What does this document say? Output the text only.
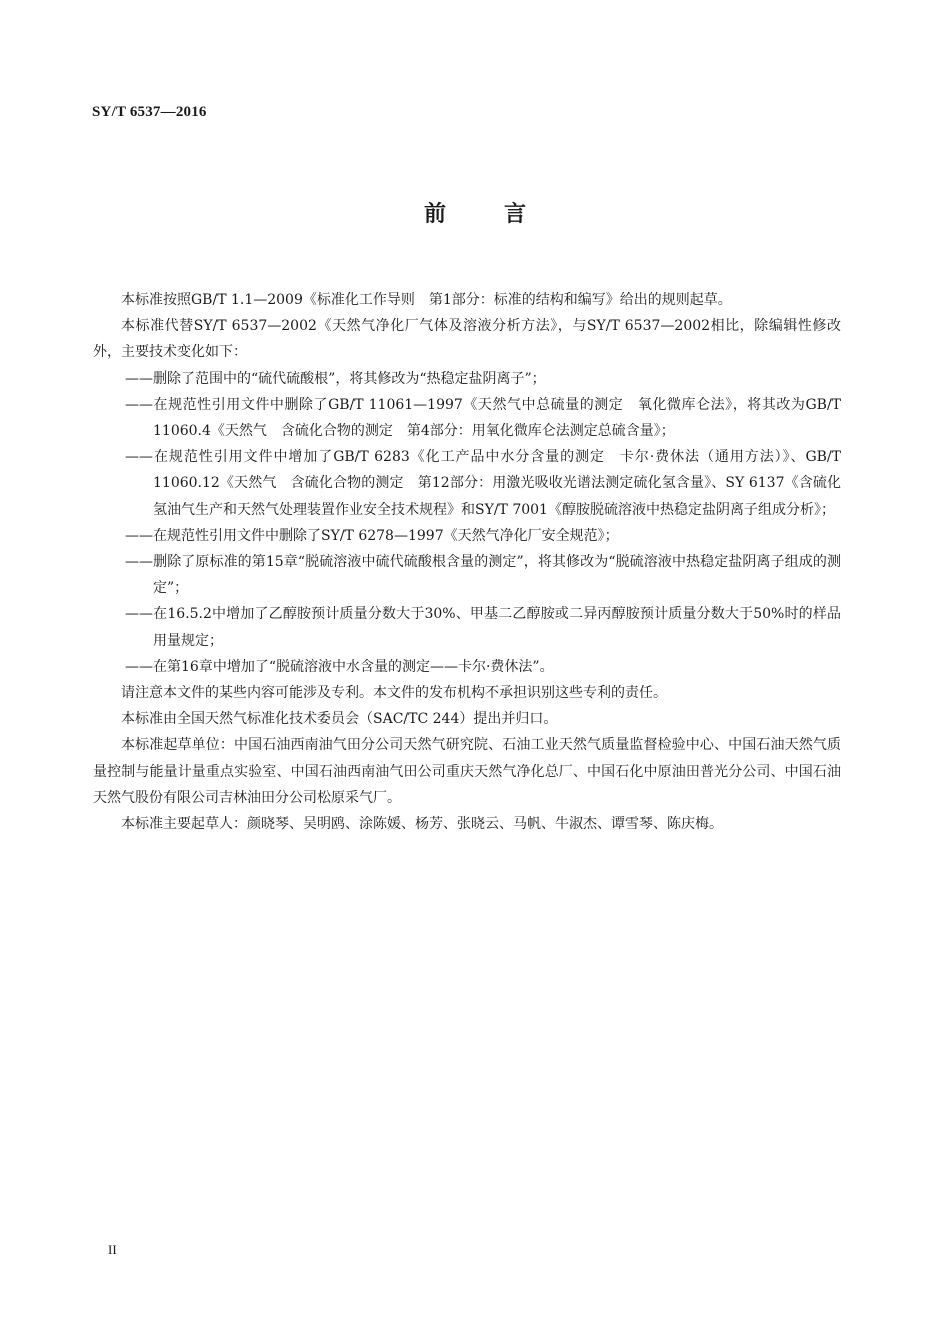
SY/T 6537—2016
前言

本标准按照GB/T 1.1—2009《标准化工作导则　第1部分：标准的结构和编写》给出的规则起草。

本标准代替SY/T 6537—2002《天然气净化厂气体及溶液分析方法》，与SY/T 6537—2002相比，除编辑性修改外，主要技术变化如下：

——删除了范围中的“硫代硫酸根”，将其修改为“热稳定盐阴离子”；

——在规范性引用文件中删除了GB/T 11061—1997《天然气中总硫量的测定　氧化微库仑法》，将其改为GB/T 11060.4《天然气　含硫化合物的测定　第4部分：用氧化微库仑法测定总硫含量》；

——在规范性引用文件中增加了GB/T 6283《化工产品中水分含量的测定　卡尔·费休法（通用方法）》、GB/T 11060.12《天然气　含硫化合物的测定　第12部分：用激光吸收光谱法测定硫化氢含量》、SY 6137《含硫化氢油气生产和天然气处理装置作业安全技术规程》和SY/T 7001《醇胺脱硫溶液中热稳定盐阴离子组成分析》；

——在规范性引用文件中删除了SY/T 6278—1997《天然气净化厂安全规范》；

——删除了原标准的第15章“脱硫溶液中硫代硫酸根含量的测定”，将其修改为“脱硫溶液中热稳定盐阴离子组成的测定”；

——在16.5.2中增加了乙醇胺预计质量分数大于30%、甲基二乙醇胺或二异丙醇胺预计质量分数大于50%时的样品用量规定；

——在第16章中增加了“脱硫溶液中水含量的测定——卡尔·费休法”。

请注意本文件的某些内容可能涉及专利。本文件的发布机构不承担识别这些专利的责任。

本标准由全国天然气标准化技术委员会（SAC/TC 244）提出并归口。

本标准起草单位：中国石油西南油气田分公司天然气研究院、石油工业天然气质量监督检验中心、中国石油天然气质量控制与能量计量重点实验室、中国石油西南油气田公司重庆天然气净化总厂、中国石化中原油田普光分公司、中国石油天然气股份有限公司吉林油田分公司松原采气厂。

本标准主要起草人：颜晓琴、吴明鸥、涂陈媛、杨芳、张晓云、马帆、牛淑杰、谭雪琴、陈庆梅。

II
